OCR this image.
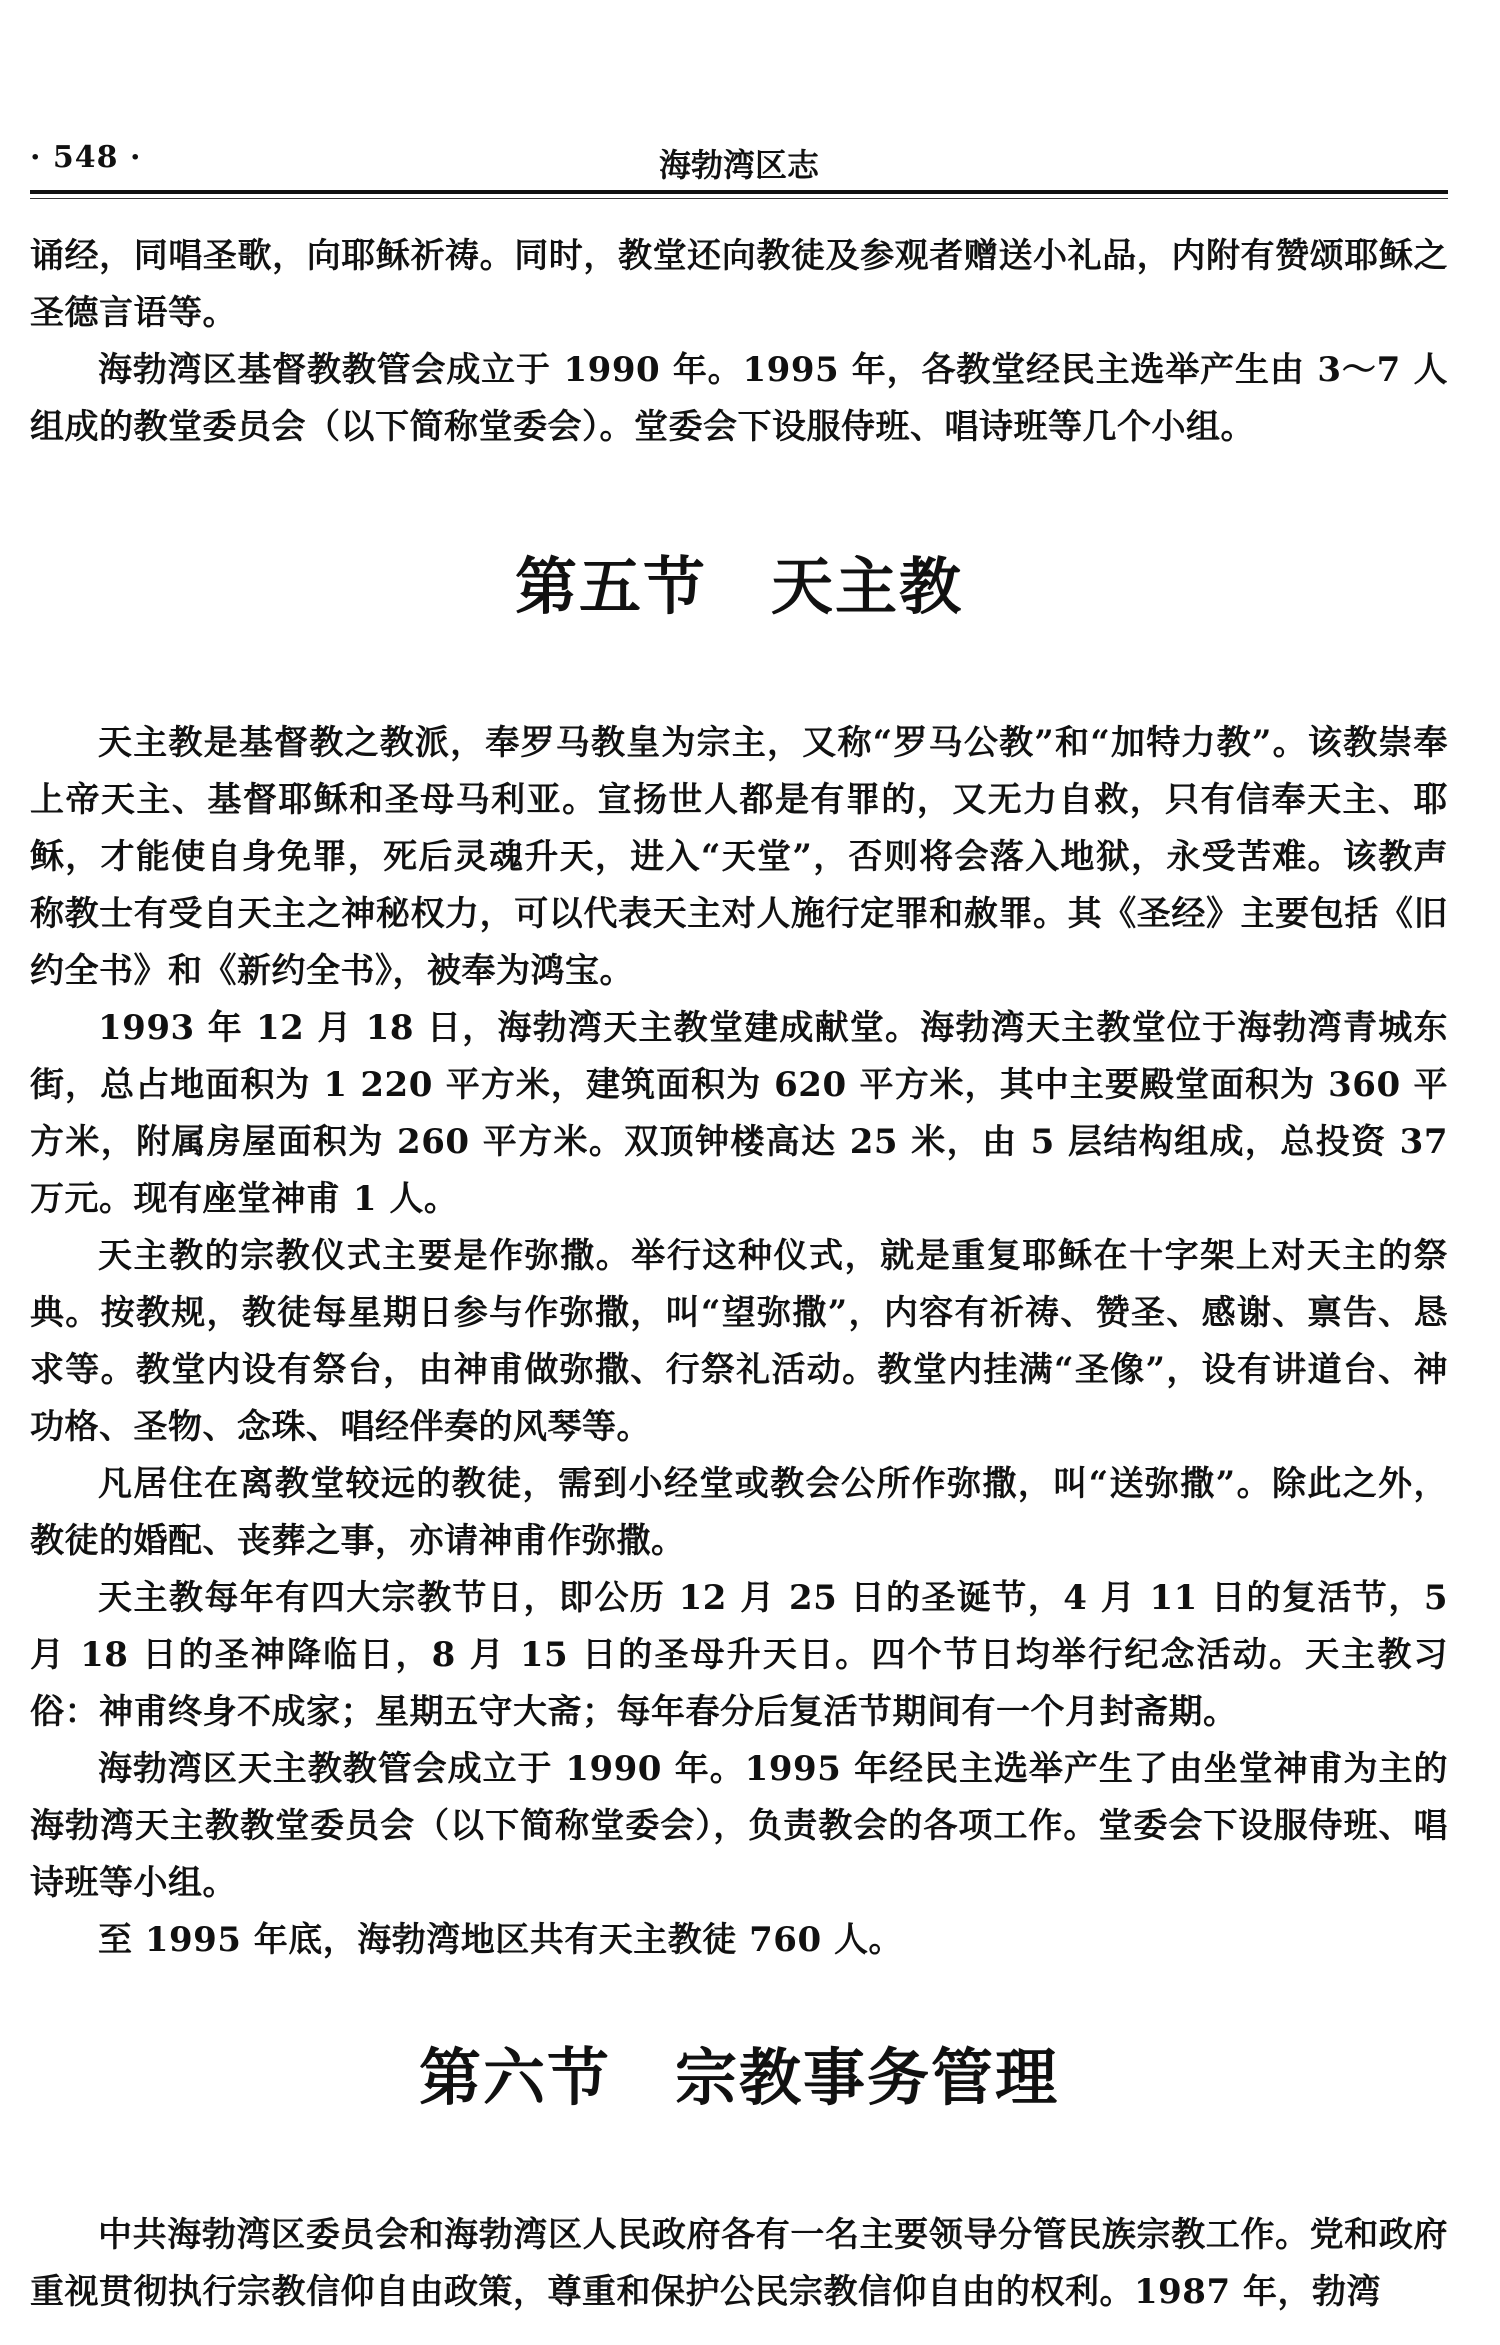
· 548 ·	海勃湾区志

诵经，同唱圣歌，向耶稣祈祷。同时，教堂还向教徒及参观者赠送小礼品，内附有赞颂耶稣之圣德言语等。

海勃湾区基督教教管会成立于 1990 年。1995 年，各教堂经民主选举产生由 3～7 人组成的教堂委员会（以下简称堂委会）。堂委会下设服侍班、唱诗班等几个小组。

第五节　天主教

天主教是基督教之教派，奉罗马教皇为宗主，又称“罗马公教”和“加特力教”。该教崇奉上帝天主、基督耶稣和圣母马利亚。宣扬世人都是有罪的，又无力自救，只有信奉天主、耶稣，才能使自身免罪，死后灵魂升天，进入“天堂”，否则将会落入地狱，永受苦难。该教声称教士有受自天主之神秘权力，可以代表天主对人施行定罪和赦罪。其《圣经》主要包括《旧约全书》和《新约全书》，被奉为鸿宝。

1993 年 12 月 18 日，海勃湾天主教堂建成献堂。海勃湾天主教堂位于海勃湾青城东街，总占地面积为 1 220 平方米，建筑面积为 620 平方米，其中主要殿堂面积为 360 平方米，附属房屋面积为 260 平方米。双顶钟楼高达 25 米，由 5 层结构组成，总投资 37 万元。现有座堂神甫 1 人。

天主教的宗教仪式主要是作弥撒。举行这种仪式，就是重复耶稣在十字架上对天主的祭典。按教规，教徒每星期日参与作弥撒，叫“望弥撒”，内容有祈祷、赞圣、感谢、禀告、恳求等。教堂内设有祭台，由神甫做弥撒、行祭礼活动。教堂内挂满“圣像”，设有讲道台、神功格、圣物、念珠、唱经伴奏的风琴等。

凡居住在离教堂较远的教徒，需到小经堂或教会公所作弥撒，叫“送弥撒”。除此之外，教徒的婚配、丧葬之事，亦请神甫作弥撒。

天主教每年有四大宗教节日，即公历 12 月 25 日的圣诞节，4 月 11 日的复活节，5 月 18 日的圣神降临日，8 月 15 日的圣母升天日。四个节日均举行纪念活动。天主教习俗：神甫终身不成家；星期五守大斋；每年春分后复活节期间有一个月封斋期。

海勃湾区天主教教管会成立于 1990 年。1995 年经民主选举产生了由坐堂神甫为主的海勃湾天主教教堂委员会（以下简称堂委会），负责教会的各项工作。堂委会下设服侍班、唱诗班等小组。

至 1995 年底，海勃湾地区共有天主教徒 760 人。

第六节　宗教事务管理

中共海勃湾区委员会和海勃湾区人民政府各有一名主要领导分管民族宗教工作。党和政府重视贯彻执行宗教信仰自由政策，尊重和保护公民宗教信仰自由的权利。1987 年，勃湾
